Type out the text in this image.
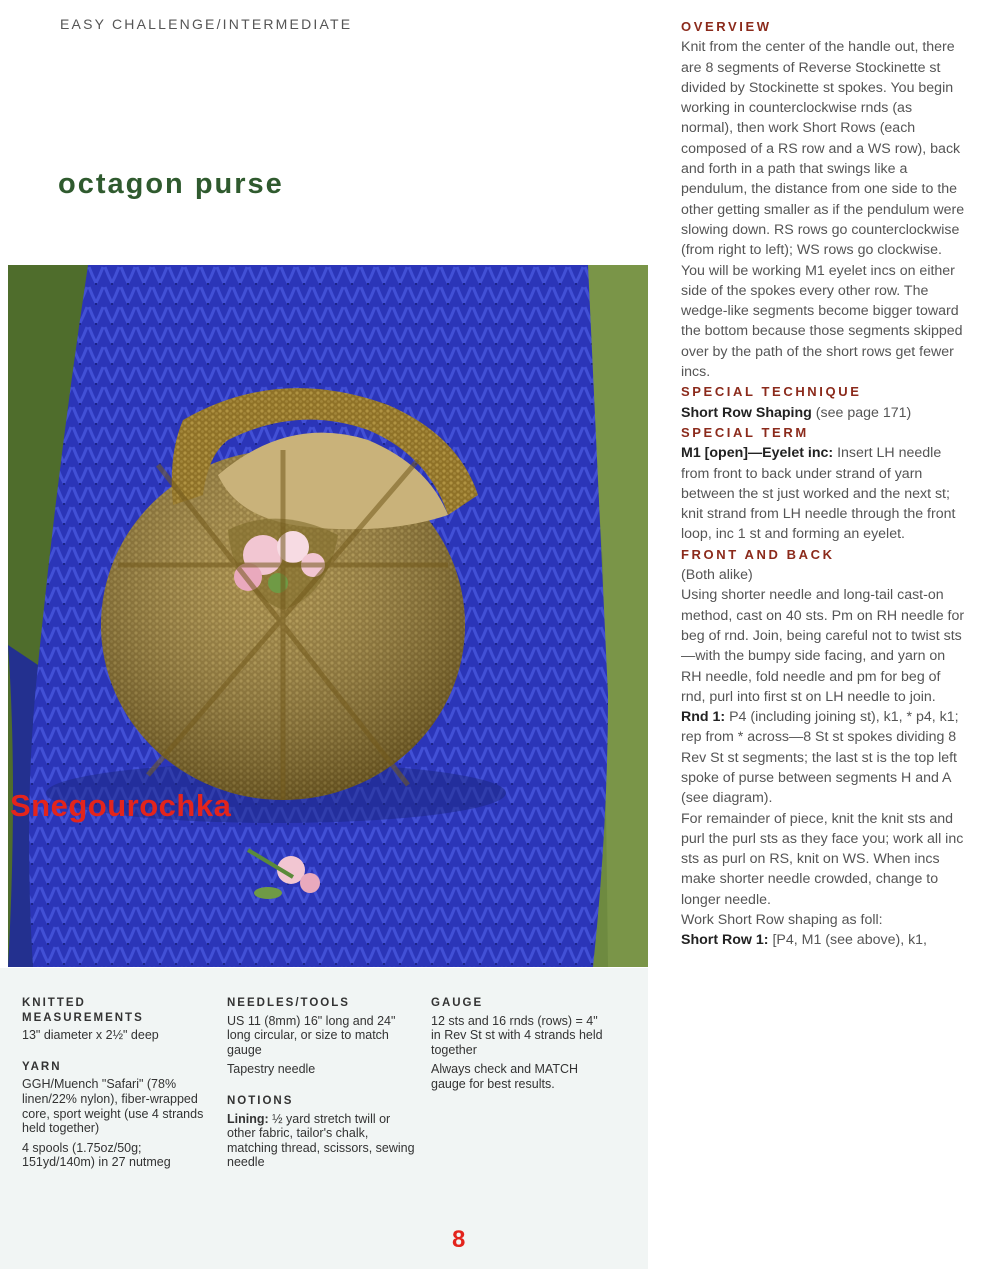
EASY CHALLENGE/INTERMEDIATE
octagon purse
Snegourochka
KNITTED MEASUREMENTS

13" diameter x 2½" deep

YARN

GGH/Muench "Safari" (78% linen/22% nylon), fiber-wrapped core, sport weight (use 4 strands held together)

4 spools (1.75oz/50g; 151yd/140m) in 27 nutmeg

NEEDLES/TOOLS

US 11 (8mm) 16" long and 24" long circular, or size to match gauge

Tapestry needle

NOTIONS

Lining: ½ yard stretch twill or other fabric, tailor's chalk, matching thread, scissors, sewing needle

GAUGE

12 sts and 16 rnds (rows) = 4" in Rev St st with 4 strands held together

Always check and MATCH gauge for best results.

8
OVERVIEW

Knit from the center of the handle out, there are 8 segments of Reverse Stockinette st divided by Stockinette st spokes. You begin working in counterclockwise rnds (as normal), then work Short Rows (each composed of a RS row and a WS row), back and forth in a path that swings like a pendulum, the distance from one side to the other getting smaller as if the pendulum were slowing down. RS rows go counterclockwise (from right to left); WS rows go clockwise. You will be working M1 eyelet incs on either side of the spokes every other row. The wedge-like segments become bigger toward the bottom because those segments skipped over by the path of the short rows get fewer incs.

SPECIAL TECHNIQUE

Short Row Shaping (see page 171)

SPECIAL TERM

M1 [open]—Eyelet inc: Insert LH needle from front to back under strand of yarn between the st just worked and the next st; knit strand from LH needle through the front loop, inc 1 st and forming an eyelet.

FRONT AND BACK

(Both alike)

Using shorter needle and long-tail cast-on method, cast on 40 sts. Pm on RH needle for beg of rnd. Join, being careful not to twist sts—with the bumpy side facing, and yarn on RH needle, fold needle and pm for beg of rnd, purl into first st on LH needle to join.

Rnd 1: P4 (including joining st), k1, * p4, k1; rep from * across—8 St st spokes dividing 8 Rev St st segments; the last st is the top left spoke of purse between segments H and A (see diagram).

For remainder of piece, knit the knit sts and purl the purl sts as they face you; work all inc sts as purl on RS, knit on WS. When incs make shorter needle crowded, change to longer needle.

Work Short Row shaping as foll:

Short Row 1: [P4, M1 (see above), k1,
